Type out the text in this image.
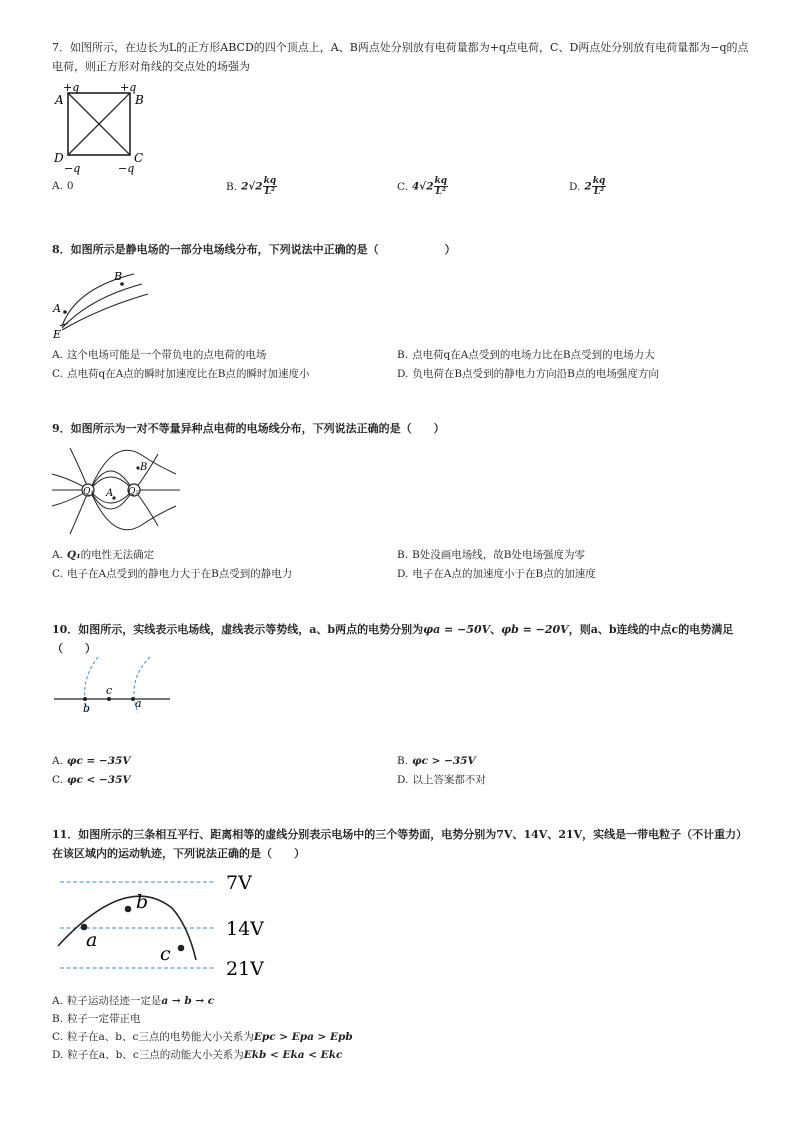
7．如图所示，在边长为L的正方形ABCD的四个顶点上，A、B两点处分别放有电荷量都为+q点电荷，C、D两点处分别放有电荷量都为−q的点电荷，则正方形对角线的交点处的场强为
+q	+q
A	B
D	C
−q	−q
A. 0	B. $2√2 \frac{kq}{\text{L²}}$	C. $4√2 \frac{kq}{\text{L²}}$	D. $2 \frac{kq}{\text{L²}}$
8．如图所示是静电场的一部分电场线分布，下列说法中正确的是（　　　　　　）
A
B
E
A. 这个电场可能是一个带负电的点电荷的电场	B. 点电荷q在A点受到的电场力比在B点受到的电场力大
C. 点电荷q在A点的瞬时加速度比在B点的瞬时加速度小	D. 负电荷在B点受到的静电力方向沿B点的电场强度方向
9．如图所示为一对不等量异种点电荷的电场线分布，下列说法正确的是（　　）
Q₁	Q₂
B
A
A. Q₁的电性无法确定	B. B处没画电场线，故B处电场强度为零
C. 电子在A点受到的静电力大于在B点受到的静电力	D. 电子在A点的加速度小于在B点的加速度
10．如图所示，实线表示电场线，虚线表示等势线，a、b两点的电势分别为φa = −50V、φb = −20V，则a、b连线的中点c的电势满足（　　）
b
c
a
A. φc = −35V	B. φc > −35V
C. φc < −35V	D. 以上答案都不对
11．如图所示的三条相互平行、距离相等的虚线分别表示电场中的三个等势面，电势分别为7V、14V、21V，实线是一带电粒子（不计重力）在该区域内的运动轨迹，下列说法正确的是（　　）
a
b
c
7V
14V
21V
A. 粒子运动径迹一定是a → b → c
B. 粒子一定带正电
C. 粒子在a、b、c三点的电势能大小关系为Epc > Epa > Epb
D. 粒子在a、b、c三点的动能大小关系为Ekb < Eka < Ekc
